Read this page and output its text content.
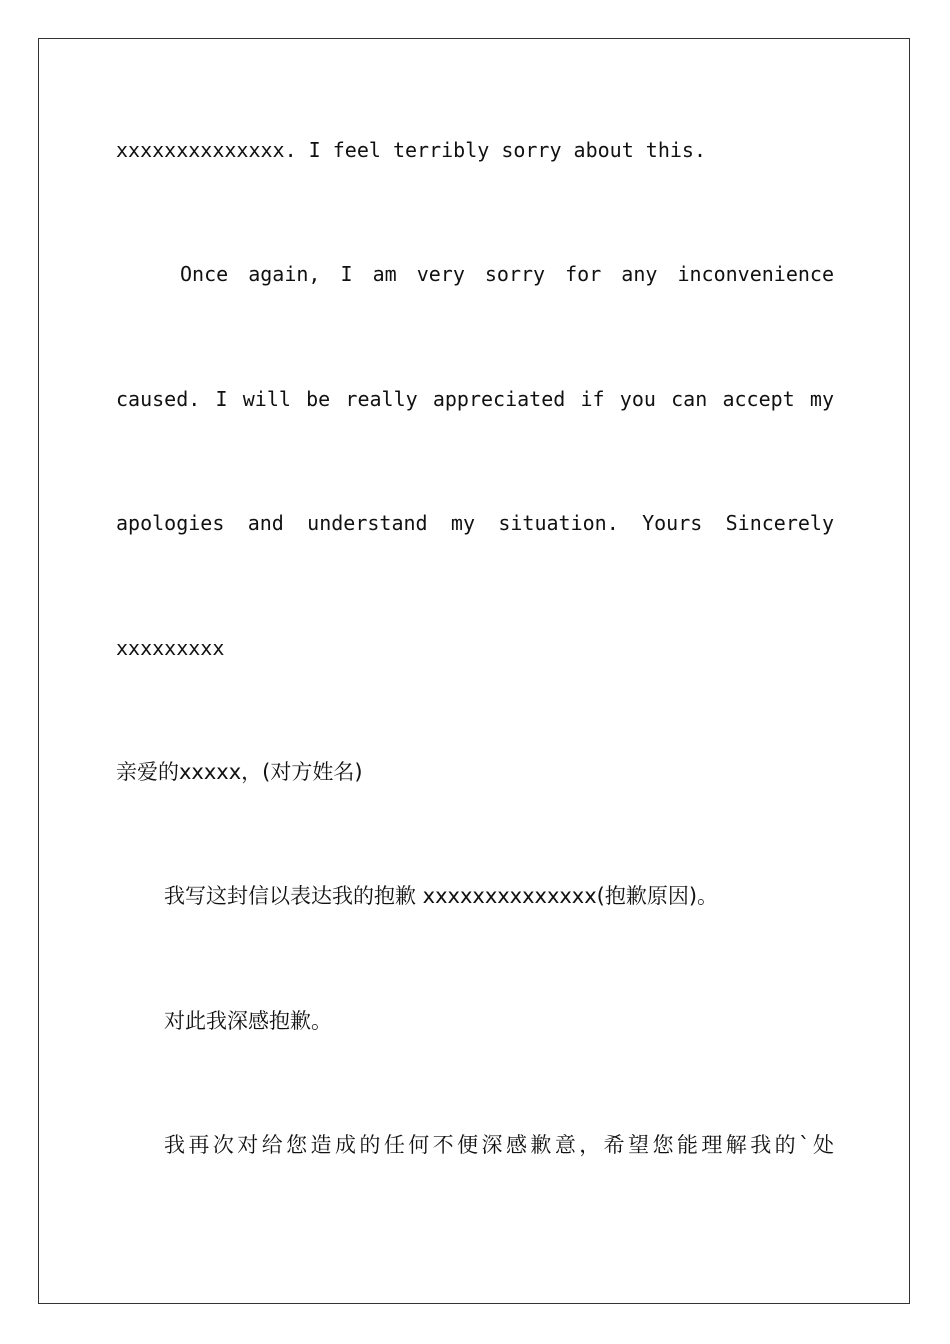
xxxxxxxxxxxxxx. I feel terribly sorry about this.
Once again, I am very sorry for any inconvenience
caused. I will be really appreciated if you can accept my
apologies and understand my situation. Yours Sincerely
xxxxxxxxx
亲爱的xxxxx，(对方姓名)
我写这封信以表达我的抱歉 xxxxxxxxxxxxxx(抱歉原因)。
对此我深感抱歉。
我再次对给您造成的任何不便深感歉意，希望您能理解我的`处
